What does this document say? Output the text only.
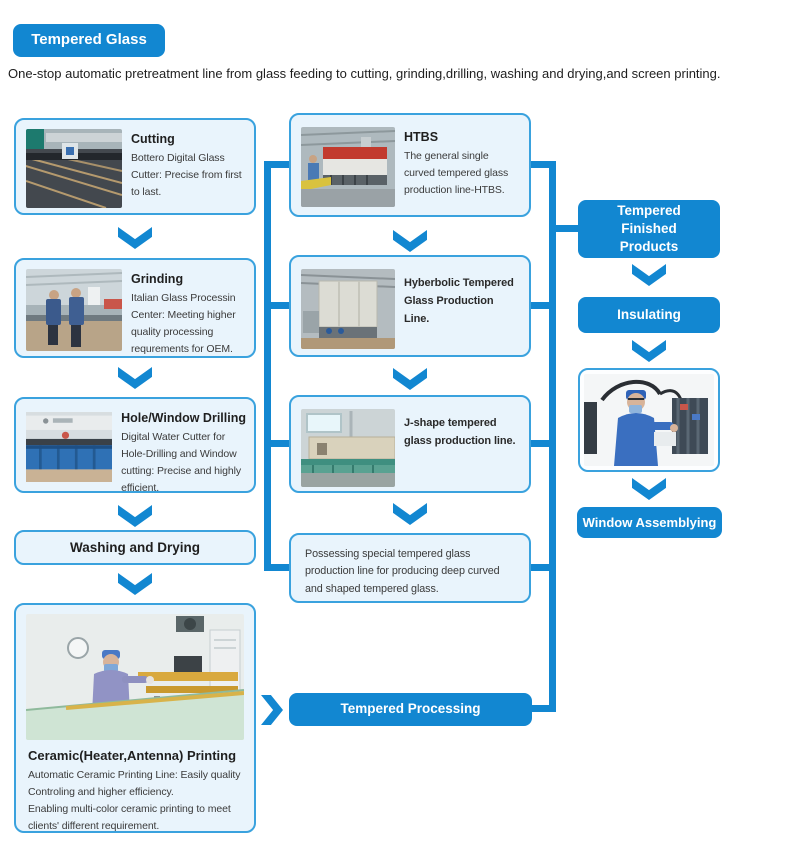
Tempered Glass
One-stop automatic pretreatment line from glass feeding to cutting, grinding,drilling, washing and drying,and screen printing.

Cutting

Bottero Digital Glass Cutter: Precise from first to last.

Grinding

Italian Glass Processin Center: Meeting higher quality processing requrements for OEM.

Hole/Window Drilling

Digital Water Cutter for Hole-Drilling and Window cutting: Precise and highly efficient.

Washing and Drying

Ceramic(Heater,Antenna) Printing

Automatic Ceramic Printing Line: Easily quality Controling and higher efficiency.

Enabling multi-color ceramic printing to meet clients' different requirement.

HTBS

The general single curved tempered glass production line-HTBS.

Hyberbolic Tempered Glass Production Line.

J-shape tempered glass production line.

Possessing special tempered glass production line for producing deep curved and shaped tempered glass.

Tempered Processing
Tempered Finished Products
Insulating
Window Assemblying
